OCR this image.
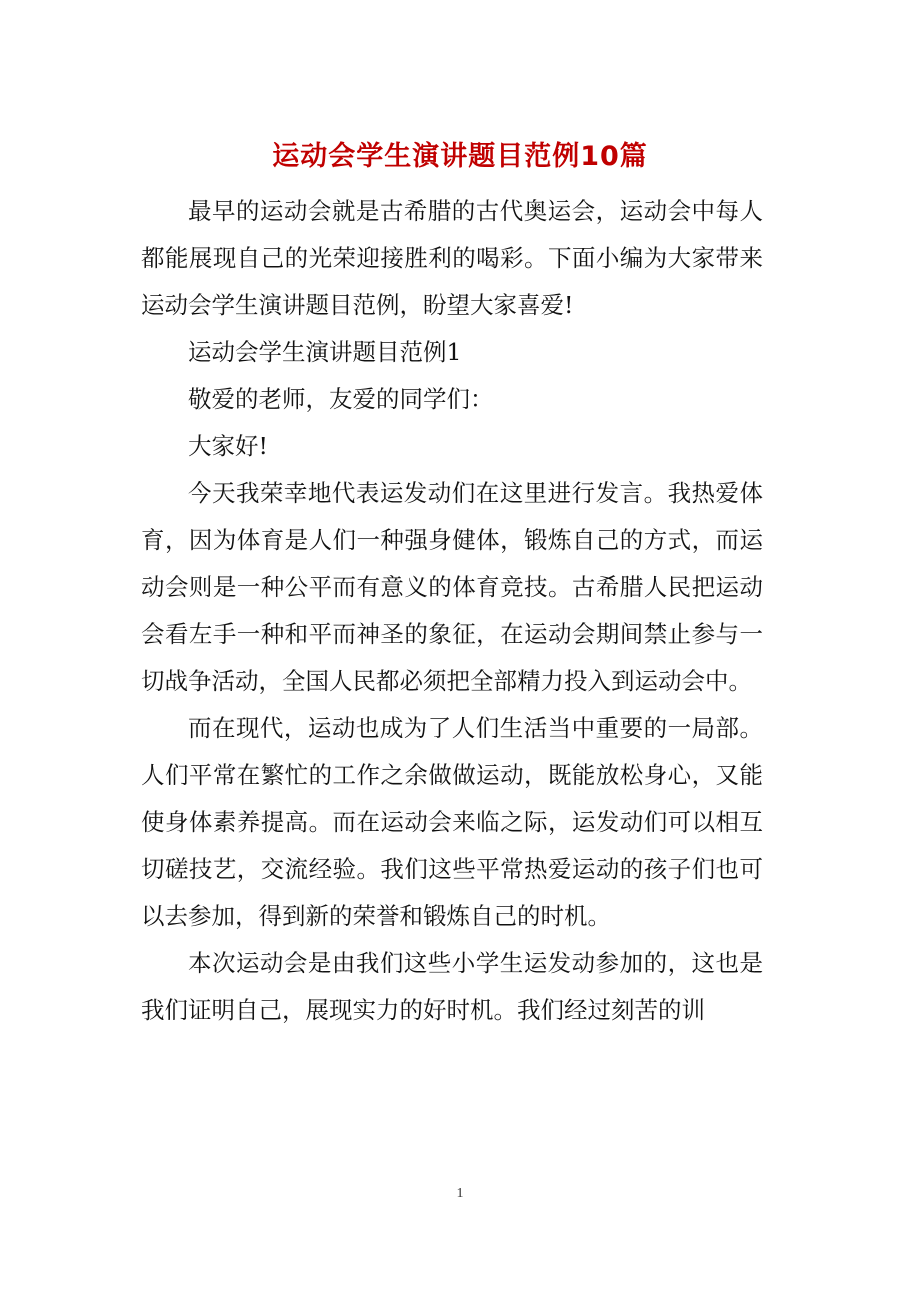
运动会学生演讲题目范例10篇

最早的运动会就是古希腊的古代奥运会，运动会中每人都能展现自己的光荣迎接胜利的喝彩。下面小编为大家带来运动会学生演讲题目范例，盼望大家喜爱!

运动会学生演讲题目范例1

敬爱的老师，友爱的同学们：

大家好!

今天我荣幸地代表运发动们在这里进行发言。我热爱体育，因为体育是人们一种强身健体，锻炼自己的方式，而运动会则是一种公平而有意义的体育竞技。古希腊人民把运动会看左手一种和平而神圣的象征，在运动会期间禁止参与一切战争活动，全国人民都必须把全部精力投入到运动会中。

而在现代，运动也成为了人们生活当中重要的一局部。人们平常在繁忙的工作之余做做运动，既能放松身心，又能使身体素养提高。而在运动会来临之际，运发动们可以相互切磋技艺，交流经验。我们这些平常热爱运动的孩子们也可以去参加，得到新的荣誉和锻炼自己的时机。

本次运动会是由我们这些小学生运发动参加的，这也是我们证明自己，展现实力的好时机。我们经过刻苦的训

1
